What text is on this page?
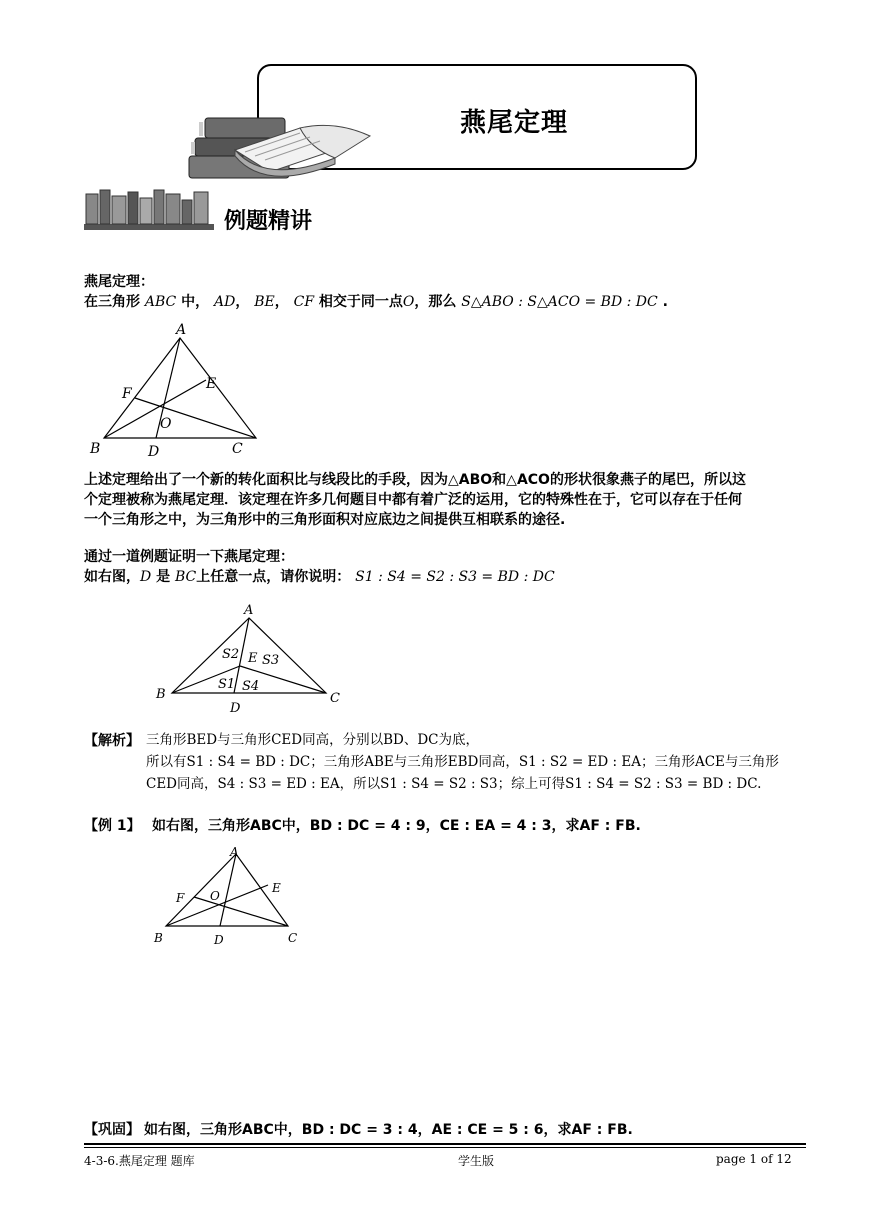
燕尾定理
例题精讲
燕尾定理：
在三角形 ABC 中， AD， BE， CF 相交于同一点O，那么 S△ABO : S△ACO = BD : DC .
A
B	C
D
E
F
O
上述定理给出了一个新的转化面积比与线段比的手段，因为△ABO和△ACO的形状很象燕子的尾巴，所以这
个定理被称为燕尾定理．该定理在许多几何题目中都有着广泛的运用，它的特殊性在于，它可以存在于任何
一个三角形之中，为三角形中的三角形面积对应底边之间提供互相联系的途径.
通过一道例题证明一下燕尾定理：
如右图，D 是 BC上任意一点，请你说明： S1 : S4 = S2 : S3 = BD : DC
A
B	C
D
E
S2 S3
S1 S4
【解析】 三角形BED与三角形CED同高，分别以BD、DC为底，
所以有S1 : S4 = BD : DC；三角形ABE与三角形EBD同高，S1 : S2 = ED : EA；三角形ACE与三角形
CED同高，S4 : S3 = ED : EA，所以S1 : S4 = S2 : S3；综上可得S1 : S4 = S2 : S3 = BD : DC.
【例 1】 如右图，三角形ABC中，BD : DC = 4 : 9，CE : EA = 4 : 3，求AF : FB.
A
B	C
D
E
F O
【巩固】 如右图，三角形ABC中，BD : DC = 3 : 4，AE : CE = 5 : 6，求AF : FB.
4-3-6.燕尾定理 题库	学生版	page 1 of 12
